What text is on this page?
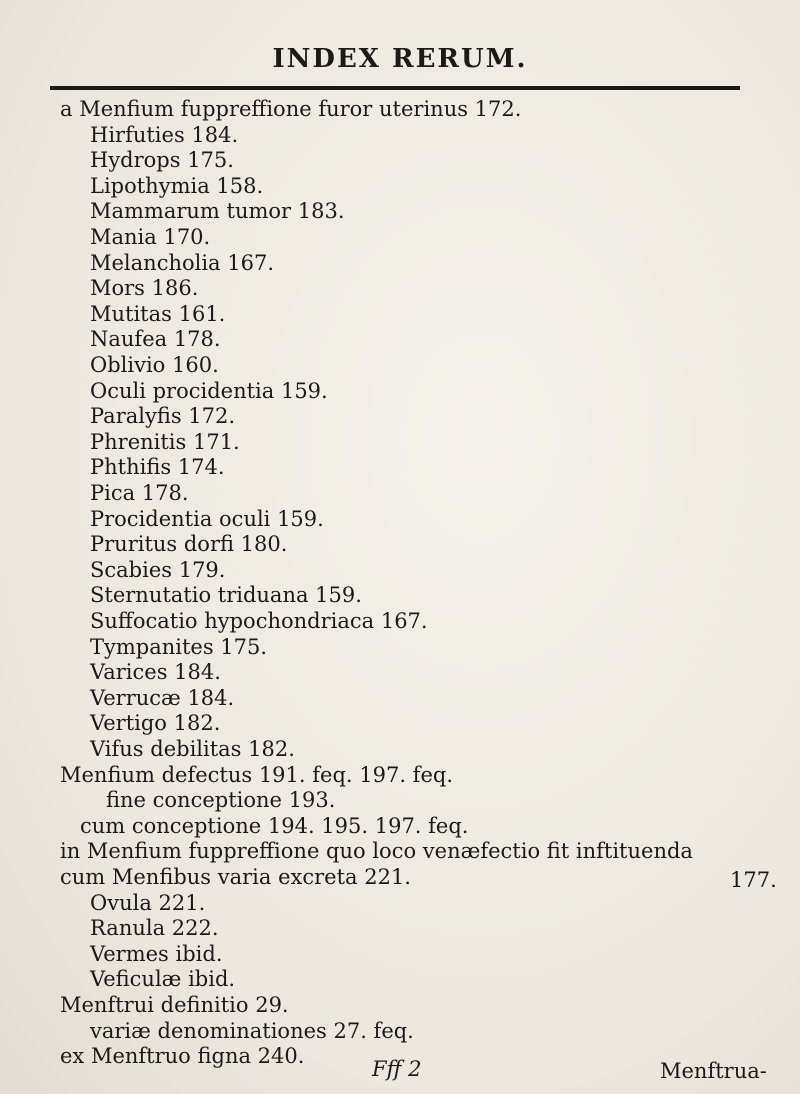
INDEX RERUM.
a Menfium fuppreffione furor uterinus 172.
Hirfuties 184.
Hydrops 175.
Lipothymia 158.
Mammarum tumor 183.
Mania 170.
Melancholia 167.
Mors 186.
Mutitas 161.
Naufea 178.
Oblivio 160.
Oculi procidentia 159.
Paralyfis 172.
Phrenitis 171.
Phthifis 174.
Pica 178.
Procidentia oculi 159.
Pruritus dorfi 180.
Scabies 179.
Sternutatio triduana 159.
Suffocatio hypochondriaca 167.
Tympanites 175.
Varices 184.
Verrucæ 184.
Vertigo 182.
Vifus debilitas 182.
Menfium defectus 191. feq. 197. feq.
fine conceptione 193.
cum conceptione 194. 195. 197. feq.
in Menfium fuppreffione quo loco venæfectio fit inftituenda
cum Menfibus varia excreta 221.
Ovula 221.
Ranula 222.
Vermes ibid.
Veficulæ ibid.
Menftrui definitio 29.
variæ denominationes 27. feq.
ex Menftruo figna 240.
177.
Fff 2	Menftrua-
